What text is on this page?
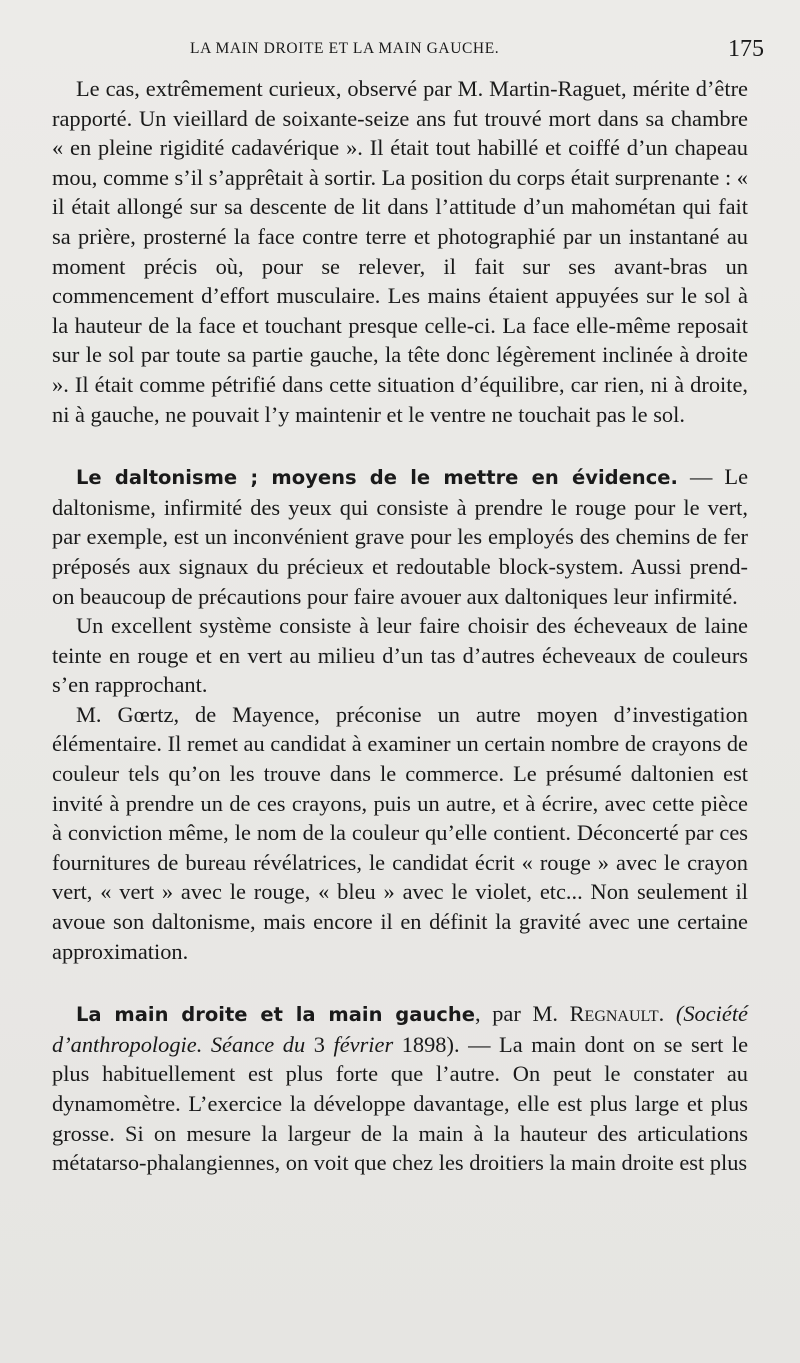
LA MAIN DROITE ET LA MAIN GAUCHE.	175

Le cas, extrêmement curieux, observé par M. Martin-Raguet, mérite d’être rapporté. Un vieillard de soixante-seize ans fut trouvé mort dans sa chambre « en pleine rigidité cadavérique ». Il était tout habillé et coiffé d’un chapeau mou, comme s’il s’apprêtait à sortir. La position du corps était surprenante : « il était allongé sur sa descente de lit dans l’attitude d’un mahométan qui fait sa prière, prosterné la face contre terre et photographié par un instantané au moment précis où, pour se relever, il fait sur ses avant-bras un commencement d’effort musculaire. Les mains étaient appuyées sur le sol à la hauteur de la face et touchant presque celle-ci. La face elle-même reposait sur le sol par toute sa partie gauche, la tête donc légèrement inclinée à droite ». Il était comme pétrifié dans cette situation d’équilibre, car rien, ni à droite, ni à gauche, ne pouvait l’y maintenir et le ventre ne touchait pas le sol.

Le daltonisme ; moyens de le mettre en évidence. — Le daltonisme, infirmité des yeux qui consiste à prendre le rouge pour le vert, par exemple, est un inconvénient grave pour les employés des chemins de fer préposés aux signaux du précieux et redoutable block-system. Aussi prend-on beaucoup de précautions pour faire avouer aux daltoniques leur infirmité.

Un excellent système consiste à leur faire choisir des écheveaux de laine teinte en rouge et en vert au milieu d’un tas d’autres écheveaux de couleurs s’en rapprochant.

M. Gœrtz, de Mayence, préconise un autre moyen d’investigation élémentaire. Il remet au candidat à examiner un certain nombre de crayons de couleur tels qu’on les trouve dans le commerce. Le présumé daltonien est invité à prendre un de ces crayons, puis un autre, et à écrire, avec cette pièce à conviction même, le nom de la couleur qu’elle contient. Déconcerté par ces fournitures de bureau révélatrices, le candidat écrit « rouge » avec le crayon vert, « vert » avec le rouge, « bleu » avec le violet, etc... Non seulement il avoue son daltonisme, mais encore il en définit la gravité avec une certaine approximation.

La main droite et la main gauche, par M. Regnault. (Société d’anthropologie. Séance du 3 février 1898). — La main dont on se sert le plus habituellement est plus forte que l’autre. On peut le constater au dynamomètre. L’exercice la développe davantage, elle est plus large et plus grosse. Si on mesure la largeur de la main à la hauteur des articulations métatarso-phalangiennes, on voit que chez les droitiers la main droite est plus
